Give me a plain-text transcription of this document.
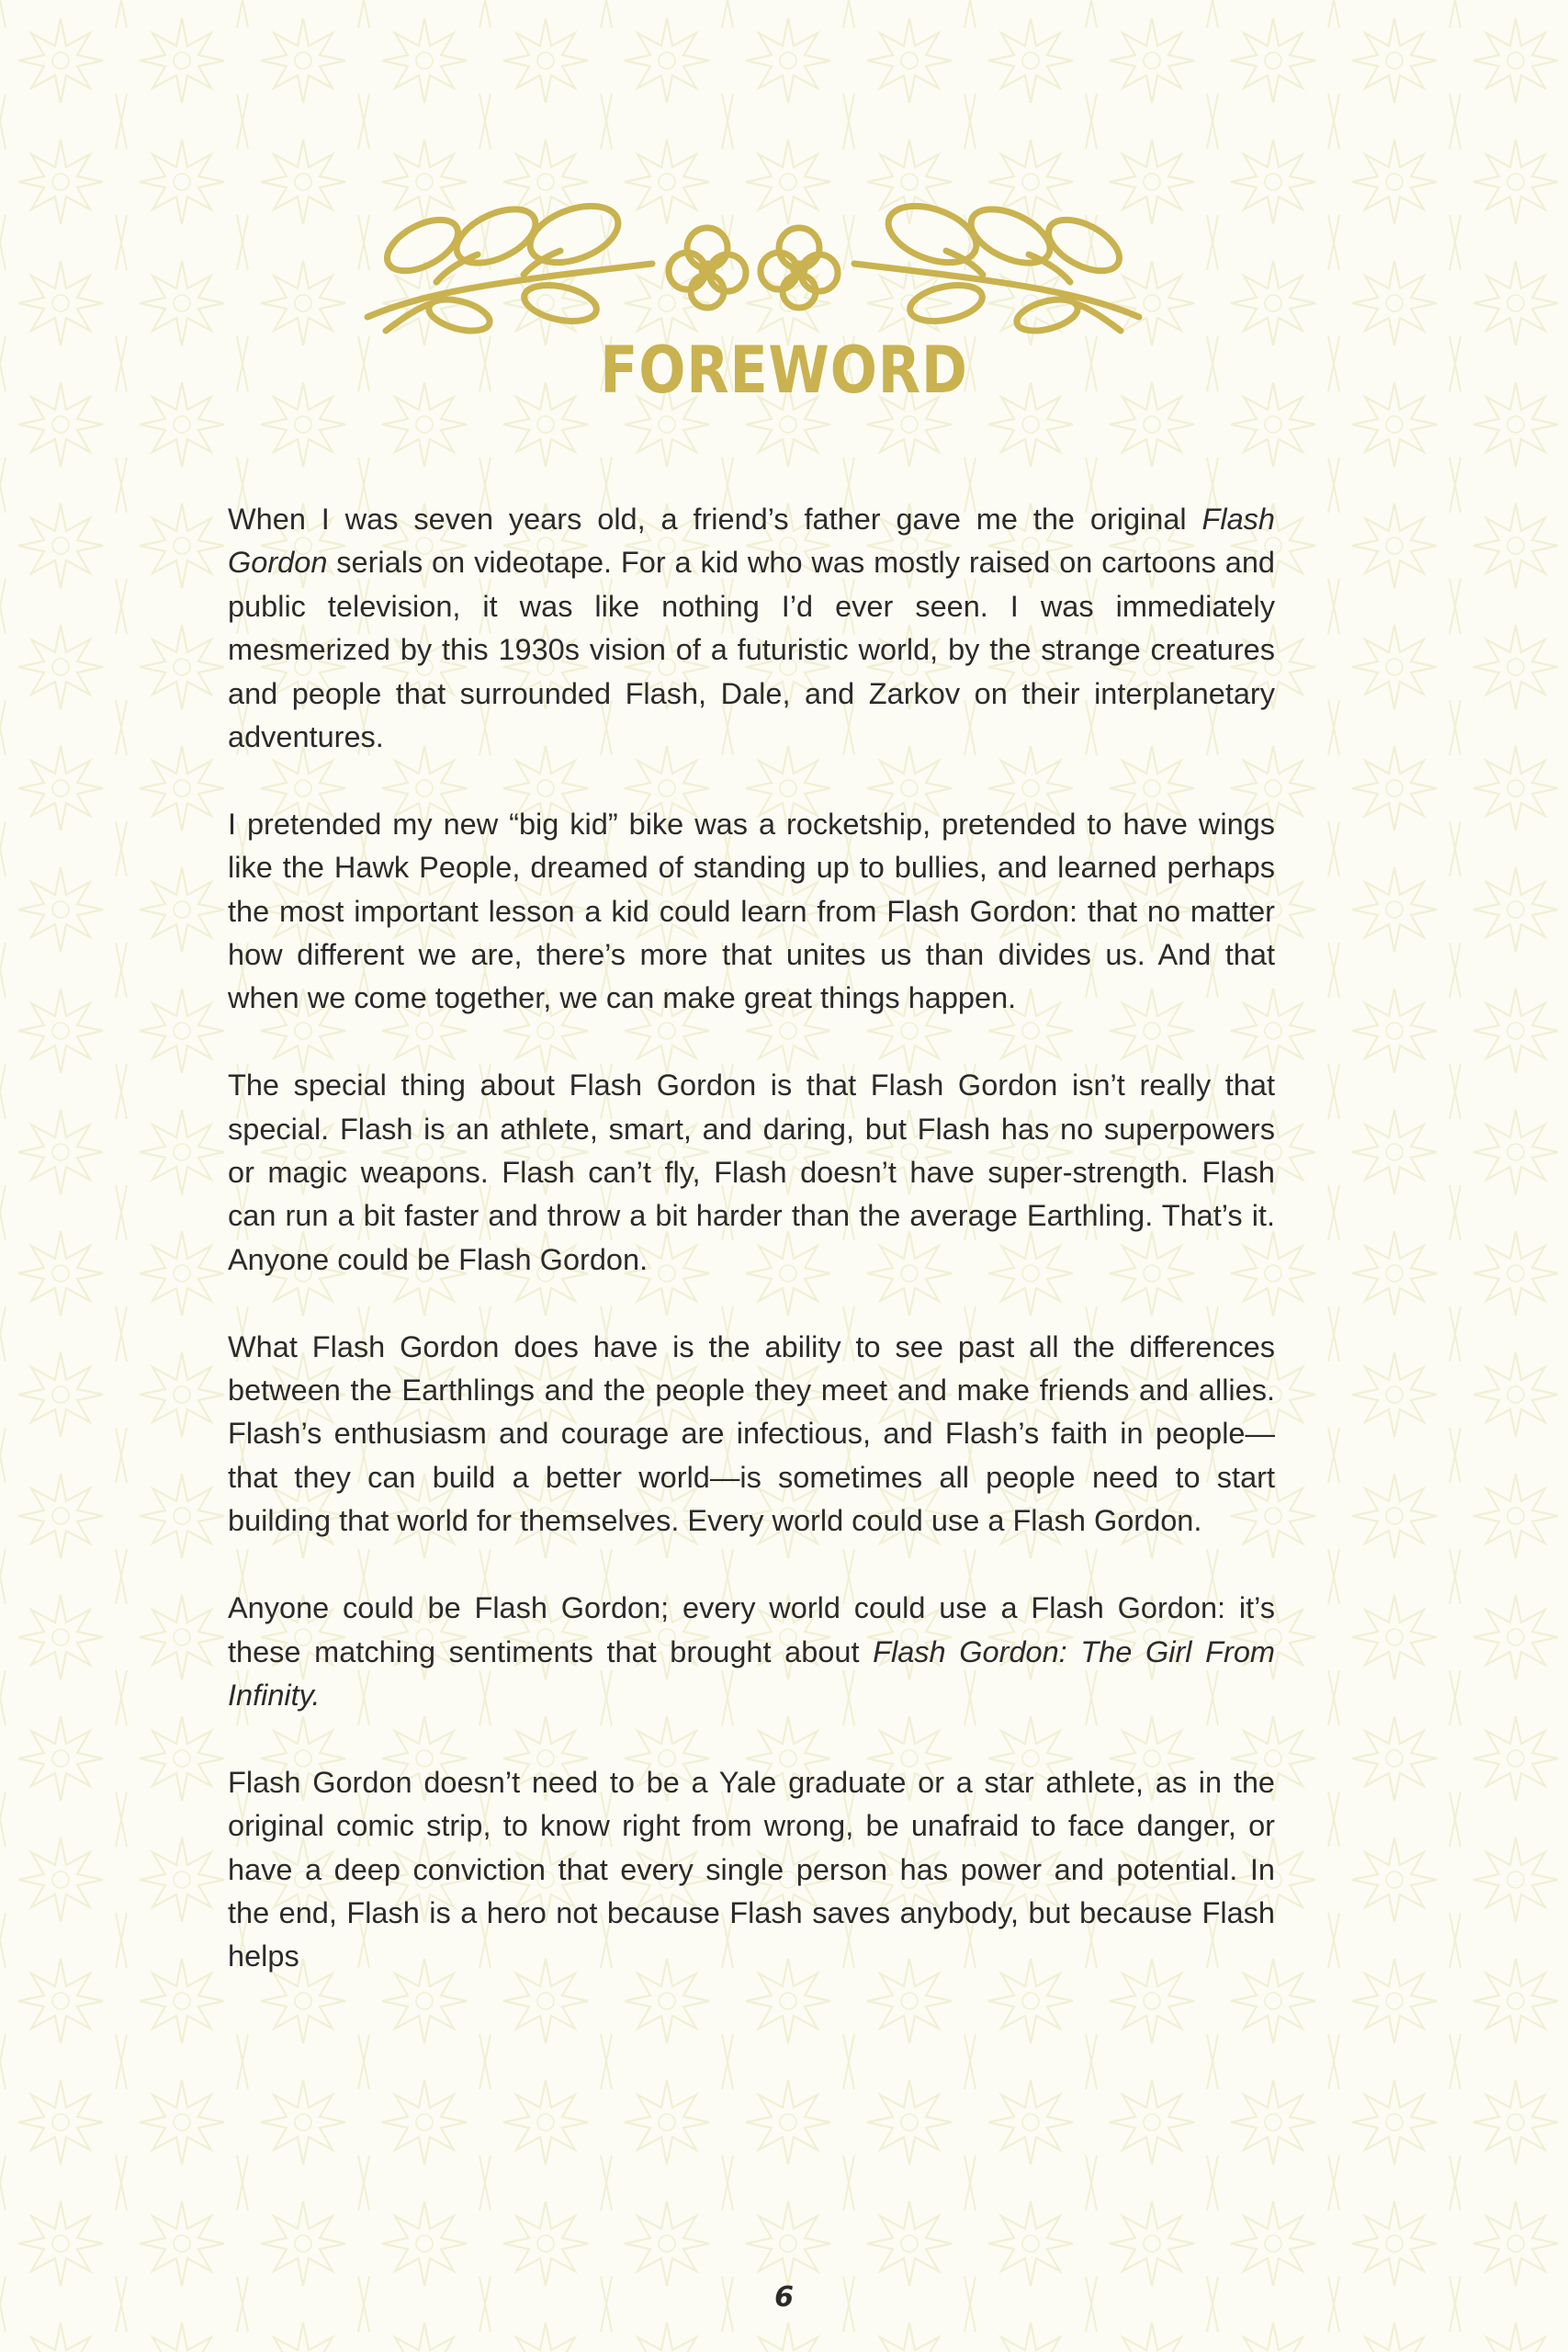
FOREWORD

When I was seven years old, a friend’s father gave me the original Flash Gordon serials on videotape. For a kid who was mostly raised on cartoons and public television, it was like nothing I’d ever seen. I was immediately mesmerized by this 1930s vision of a futuristic world, by the strange creatures and people that surrounded Flash, Dale, and Zarkov on their interplanetary adventures.

I pretended my new “big kid” bike was a rocketship, pretended to have wings like the Hawk People, dreamed of standing up to bullies, and learned perhaps the most important lesson a kid could learn from Flash Gordon: that no matter how different we are, there’s more that unites us than divides us. And that when we come together, we can make great things happen.

The special thing about Flash Gordon is that Flash Gordon isn’t really that special. Flash is an athlete, smart, and daring, but Flash has no superpowers or magic weapons. Flash can’t fly, Flash doesn’t have super-strength. Flash can run a bit faster and throw a bit harder than the average Earthling. That’s it. Anyone could be Flash Gordon.

What Flash Gordon does have is the ability to see past all the differences between the Earthlings and the people they meet and make friends and allies. Flash’s enthusiasm and courage are infectious, and Flash’s faith in people—that they can build a better world—is sometimes all people need to start building that world for themselves. Every world could use a Flash Gordon.

Anyone could be Flash Gordon; every world could use a Flash Gordon: it’s these matching sentiments that brought about Flash Gordon: The Girl From Infinity.

Flash Gordon doesn’t need to be a Yale graduate or a star athlete, as in the original comic strip, to know right from wrong, be unafraid to face danger, or have a deep conviction that every single person has power and potential. In the end, Flash is a hero not because Flash saves anybody, but because Flash helps

6
